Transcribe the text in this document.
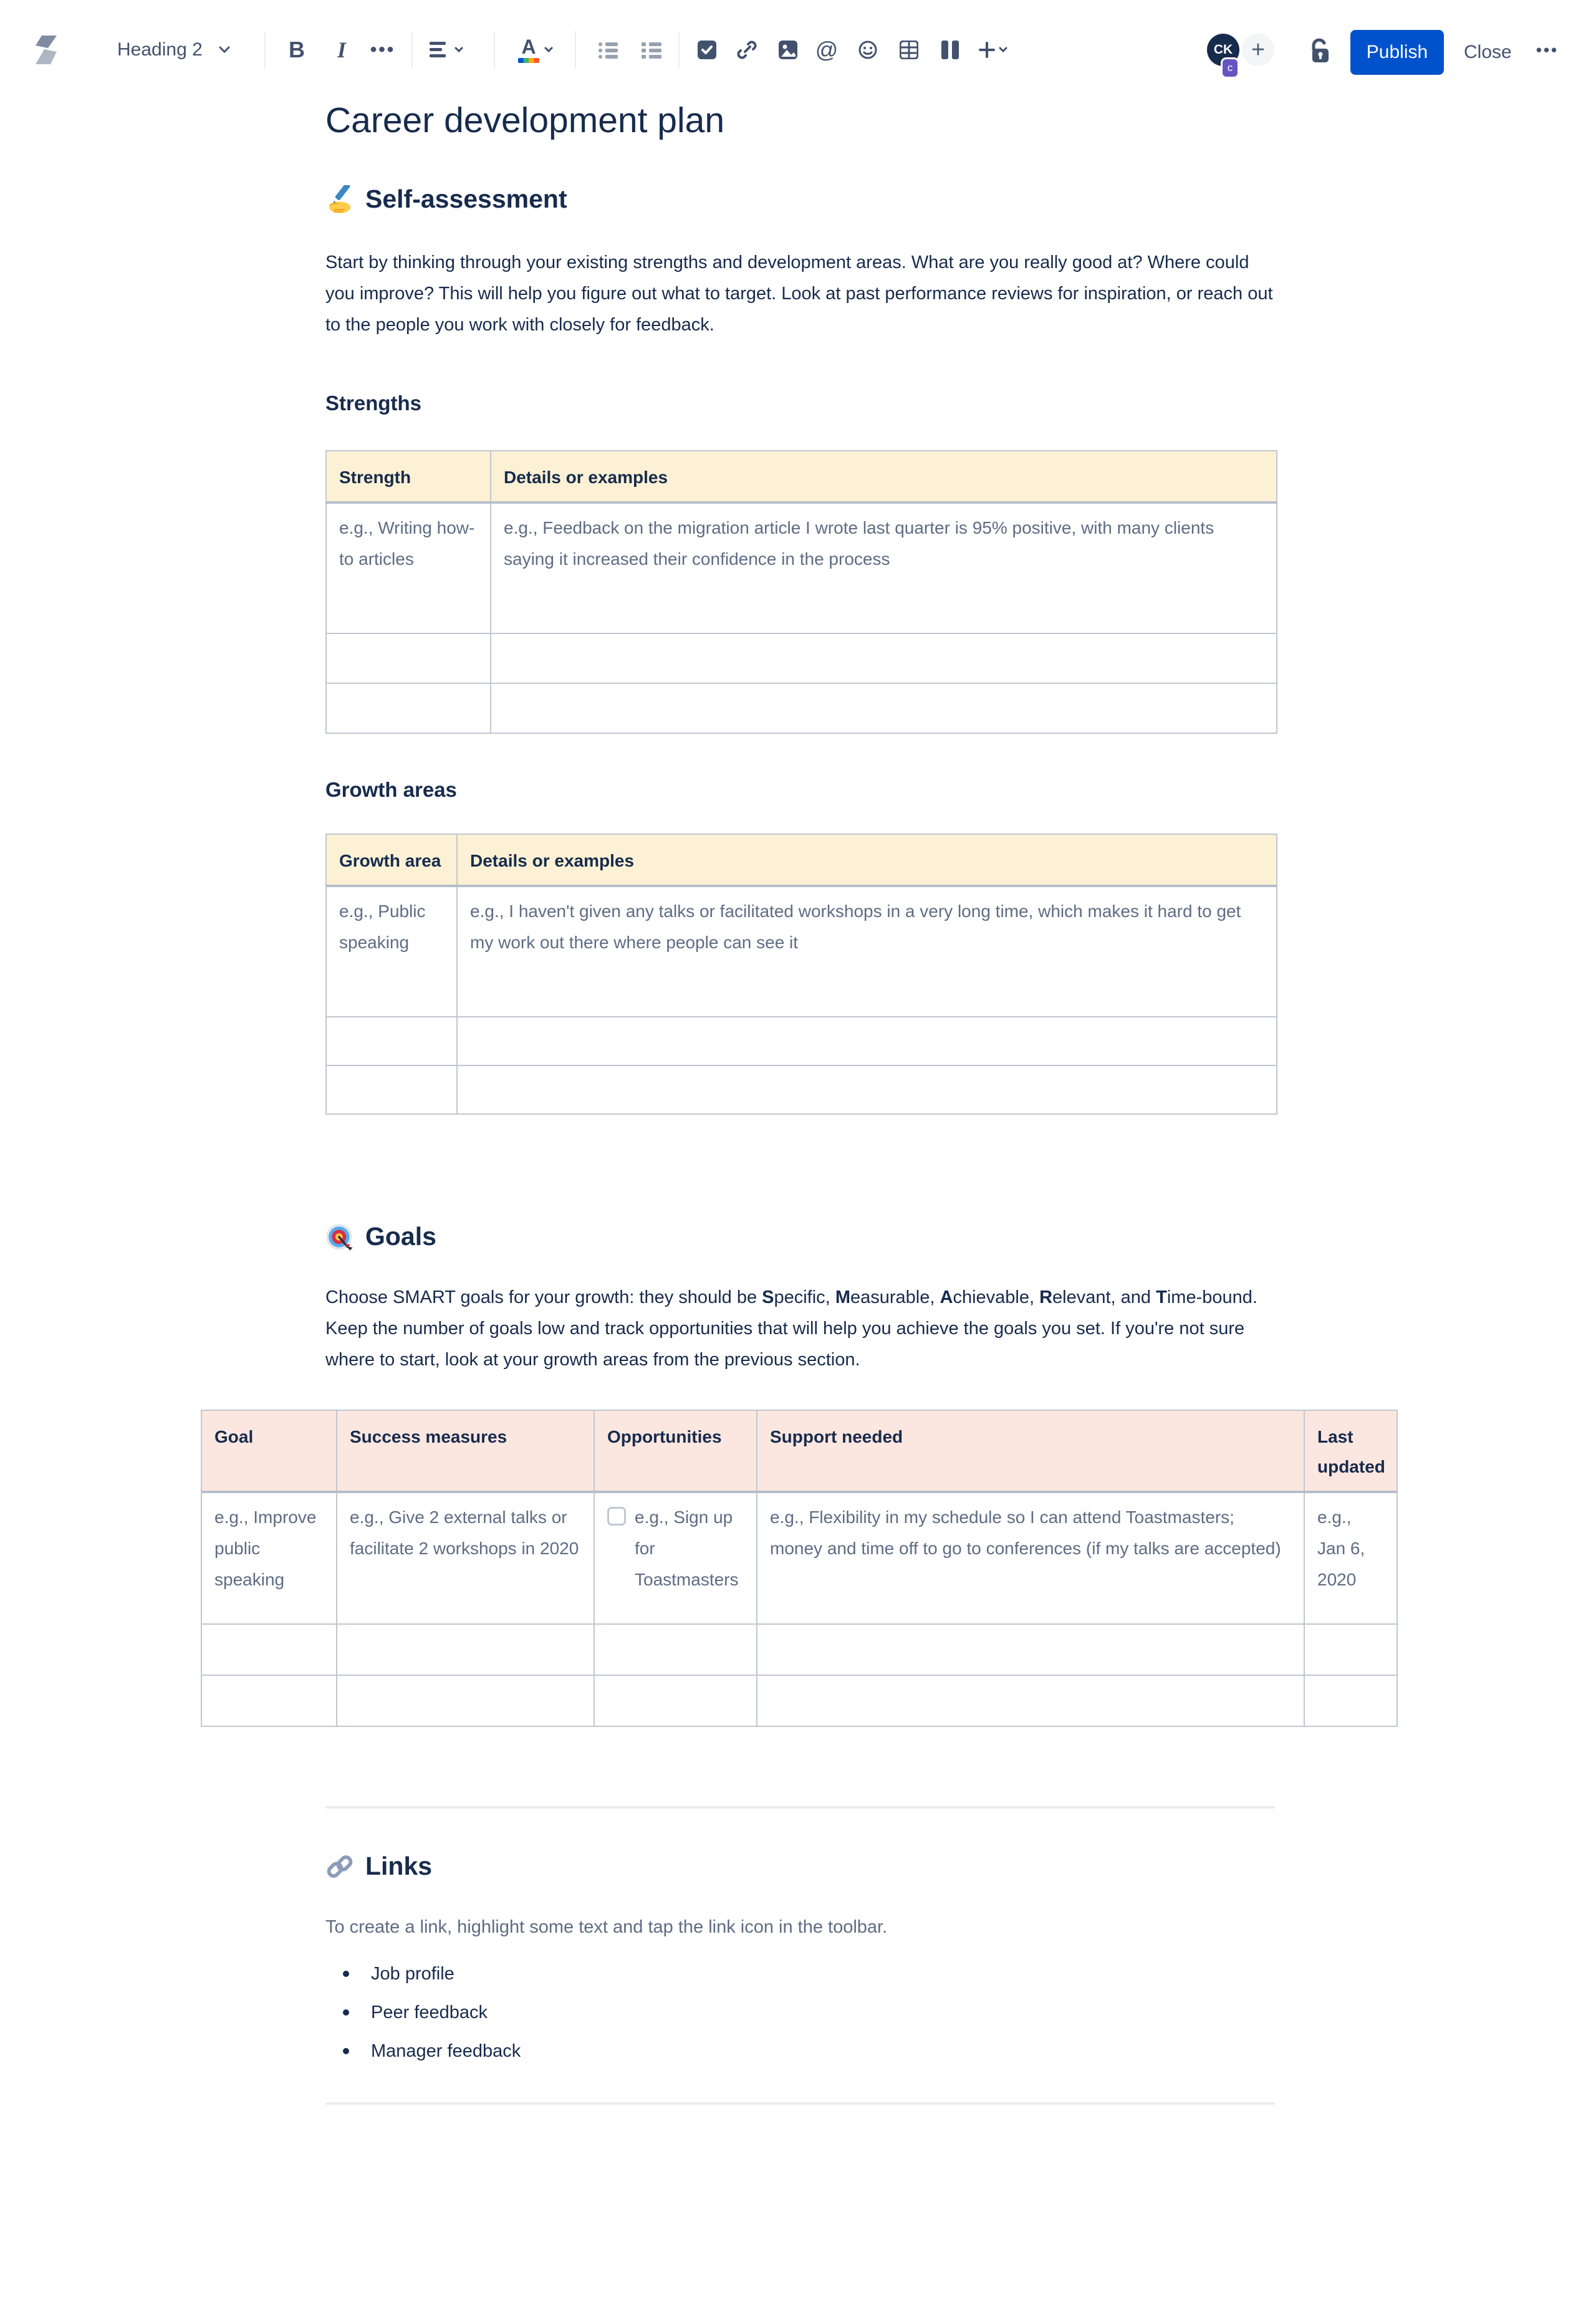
Heading 2	B	I	•••	A	@	CK
c
+	Publish	Close	•••
Career development plan
Self-assessment

Start by thinking through your existing strengths and development areas. What are you really good at? Where could you improve? This will help you figure out what to target. Look at past performance reviews for inspiration, or reach out to the people you work with closely for feedback.

Strengths
Strength	Details or examples
e.g., Writing how-to articles	e.g., Feedback on the migration article I wrote last quarter is 95% positive, with many clients saying it increased their confidence in the process

Growth areas
Growth area	Details or examples
e.g., Public speaking	e.g., I haven't given any talks or facilitated workshops in a very long time, which makes it hard to get my work out there where people can see it

Goals

Choose SMART goals for your growth: they should be Specific, Measurable, Achievable, Relevant, and Time-bound. Keep the number of goals low and track opportunities that will help you achieve the goals you set. If you're not sure where to start, look at your growth areas from the previous section.

Goal	Success measures	Opportunities	Support needed	Last updated
e.g., Improve public speaking	e.g., Give 2 external talks or facilitate 2 workshops in 2020	e.g., Sign up for Toastmasters	e.g., Flexibility in my schedule so I can attend Toastmasters; money and time off to go to conferences (if my talks are accepted)	e.g., Jan 6, 2020

Links

To create a link, highlight some text and tap the link icon in the toolbar.

Job profile
Peer feedback
Manager feedback
